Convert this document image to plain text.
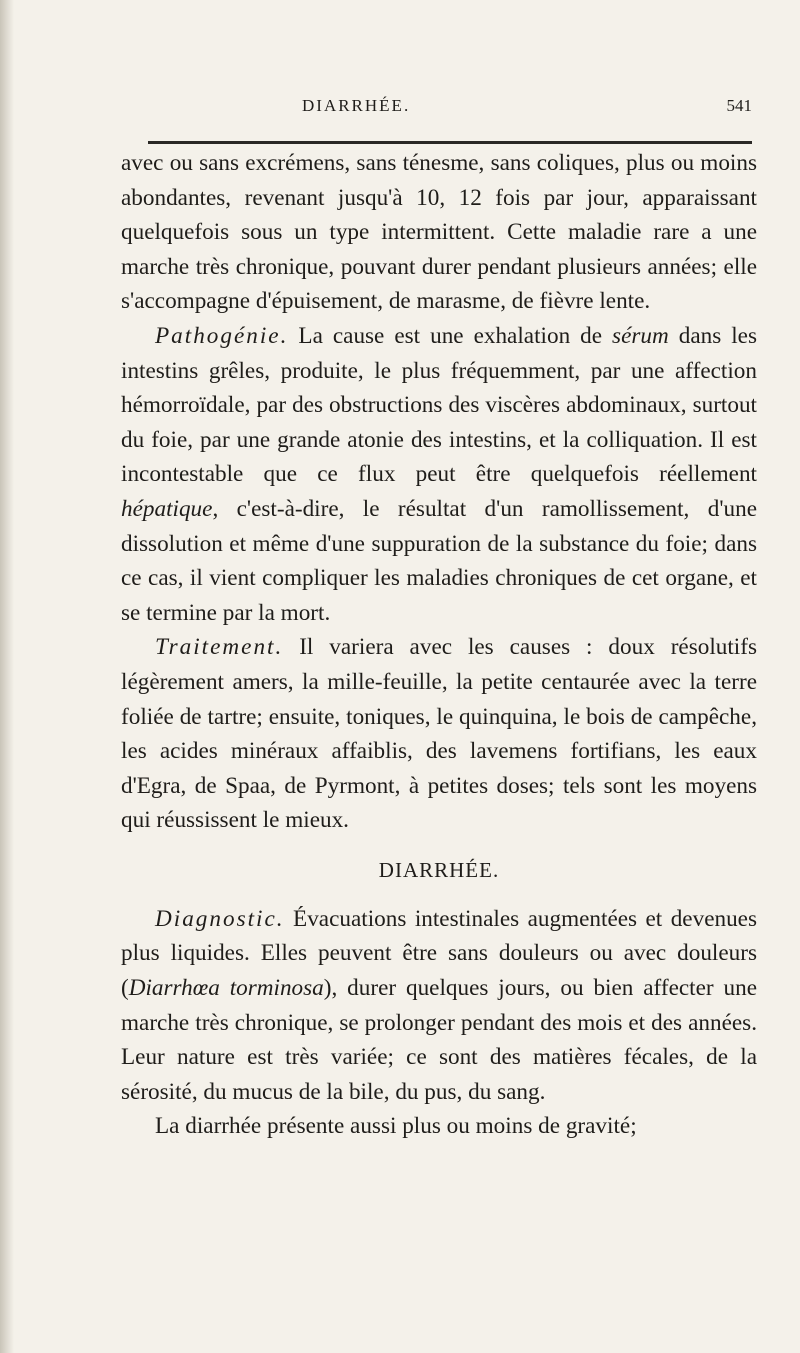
DIARRHÉE.	541

avec ou sans excrémens, sans ténesme, sans coliques, plus ou moins abondantes, revenant jusqu'à 10, 12 fois par jour, apparaissant quelquefois sous un type intermittent. Cette maladie rare a une marche très chronique, pouvant durer pendant plusieurs années; elle s'accompagne d'épuisement, de marasme, de fièvre lente.

Pathogénie. La cause est une exhalation de sérum dans les intestins grêles, produite, le plus fréquemment, par une affection hémorroïdale, par des obstructions des viscères abdominaux, surtout du foie, par une grande atonie des intestins, et la colliquation. Il est incontestable que ce flux peut être quelquefois réellement hépatique, c'est-à-dire, le résultat d'un ramollissement, d'une dissolution et même d'une suppuration de la substance du foie; dans ce cas, il vient compliquer les maladies chroniques de cet organe, et se termine par la mort.

Traitement. Il variera avec les causes : doux résolutifs légèrement amers, la mille-feuille, la petite centaurée avec la terre foliée de tartre; ensuite, toniques, le quinquina, le bois de campêche, les acides minéraux affaiblis, des lavemens fortifians, les eaux d'Egra, de Spaa, de Pyrmont, à petites doses; tels sont les moyens qui réussissent le mieux.

DIARRHÉE.

Diagnostic. Évacuations intestinales augmentées et devenues plus liquides. Elles peuvent être sans douleurs ou avec douleurs (Diarrhœa torminosa), durer quelques jours, ou bien affecter une marche très chronique, se prolonger pendant des mois et des années. Leur nature est très variée; ce sont des matières fécales, de la sérosité, du mucus de la bile, du pus, du sang.

La diarrhée présente aussi plus ou moins de gravité;
